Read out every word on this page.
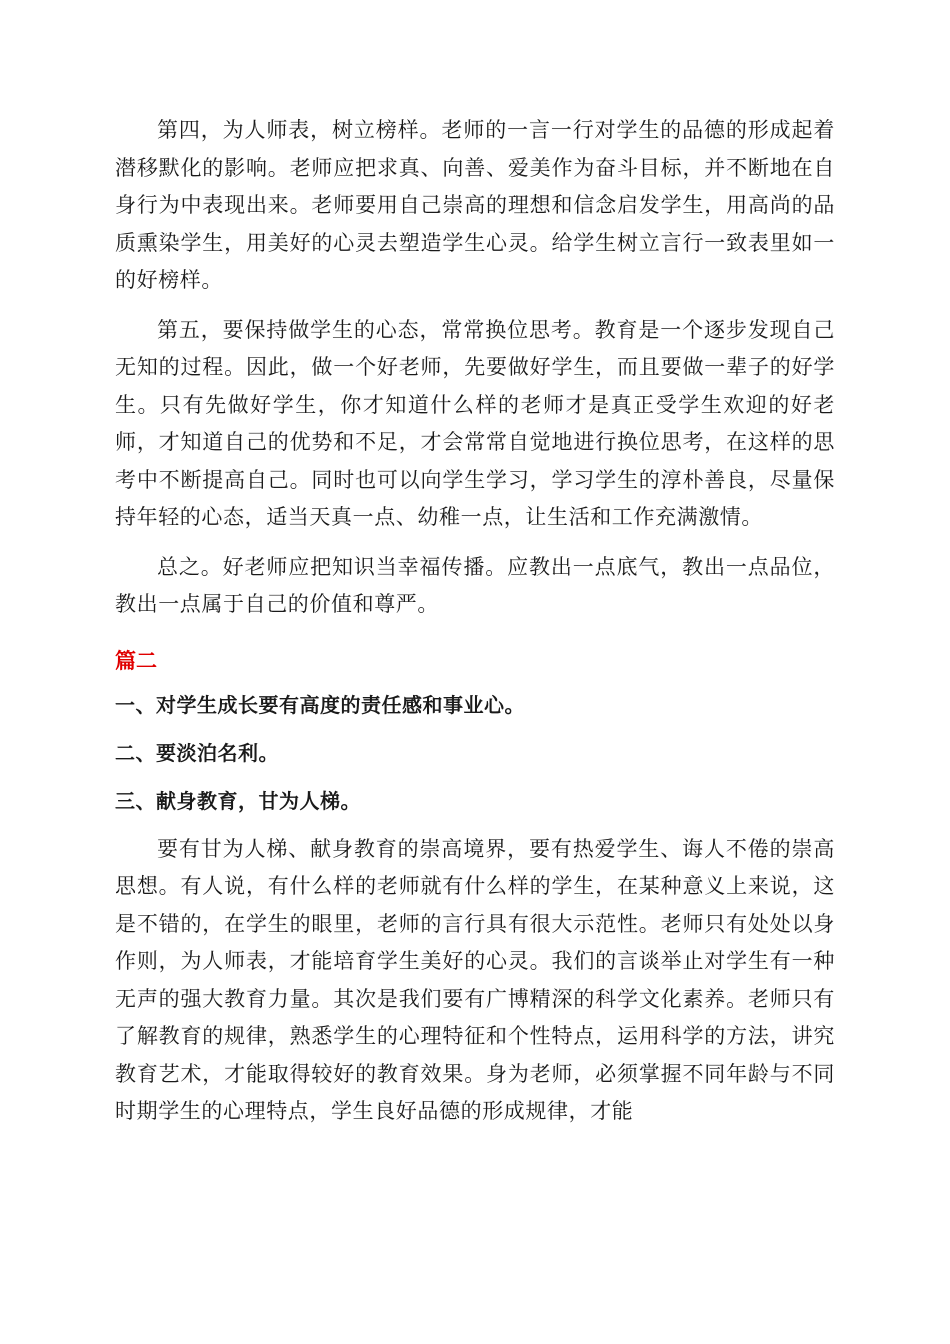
第四，为人师表，树立榜样。老师的一言一行对学生的品德的形成起着潜移默化的影响。老师应把求真、向善、爱美作为奋斗目标，并不断地在自身行为中表现出来。老师要用自己崇高的理想和信念启发学生，用高尚的品质熏染学生，用美好的心灵去塑造学生心灵。给学生树立言行一致表里如一的好榜样。

第五，要保持做学生的心态，常常换位思考。教育是一个逐步发现自己无知的过程。因此，做一个好老师，先要做好学生，而且要做一辈子的好学生。只有先做好学生，你才知道什么样的老师才是真正受学生欢迎的好老师，才知道自己的优势和不足，才会常常自觉地进行换位思考，在这样的思考中不断提高自己。同时也可以向学生学习，学习学生的淳朴善良，尽量保持年轻的心态，适当天真一点、幼稚一点，让生活和工作充满激情。

总之。好老师应把知识当幸福传播。应教出一点底气，教出一点品位，教出一点属于自己的价值和尊严。

篇二
一、对学生成长要有高度的责任感和事业心。
二、要淡泊名利。
三、献身教育，甘为人梯。

要有甘为人梯、献身教育的崇高境界，要有热爱学生、诲人不倦的崇高思想。有人说，有什么样的老师就有什么样的学生，在某种意义上来说，这是不错的，在学生的眼里，老师的言行具有很大示范性。老师只有处处以身作则，为人师表，才能培育学生美好的心灵。我们的言谈举止对学生有一种无声的强大教育力量。其次是我们要有广博精深的科学文化素养。老师只有了解教育的规律，熟悉学生的心理特征和个性特点，运用科学的方法，讲究教育艺术，才能取得较好的教育效果。身为老师，必须掌握不同年龄与不同时期学生的心理特点，学生良好品德的形成规律，才能
